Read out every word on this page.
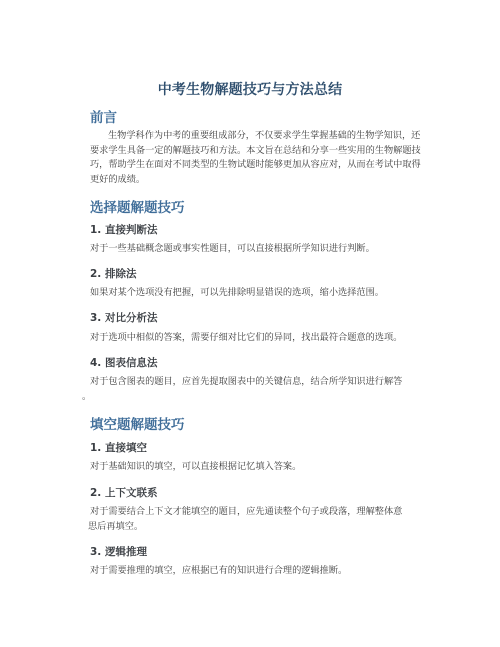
中考生物解题技巧与方法总结
前言
生物学科作为中考的重要组成部分，不仅要求学生掌握基础的生物学知识，还
要求学生具备一定的解题技巧和方法。本文旨在总结和分享一些实用的生物解题技
巧，帮助学生在面对不同类型的生物试题时能够更加从容应对，从而在考试中取得
更好的成绩。
选择题解题技巧
1. 直接判断法
对于一些基础概念题或事实性题目，可以直接根据所学知识进行判断。
2. 排除法
如果对某个选项没有把握，可以先排除明显错误的选项，缩小选择范围。
3. 对比分析法
对于选项中相似的答案，需要仔细对比它们的异同，找出最符合题意的选项。
4. 图表信息法
对于包含图表的题目，应首先提取图表中的关键信息，结合所学知识进行解答
。
填空题解题技巧
1. 直接填空
对于基础知识的填空，可以直接根据记忆填入答案。
2. 上下文联系
对于需要结合上下文才能填空的题目，应先通读整个句子或段落，理解整体意
思后再填空。
3. 逻辑推理
对于需要推理的填空，应根据已有的知识进行合理的逻辑推断。
